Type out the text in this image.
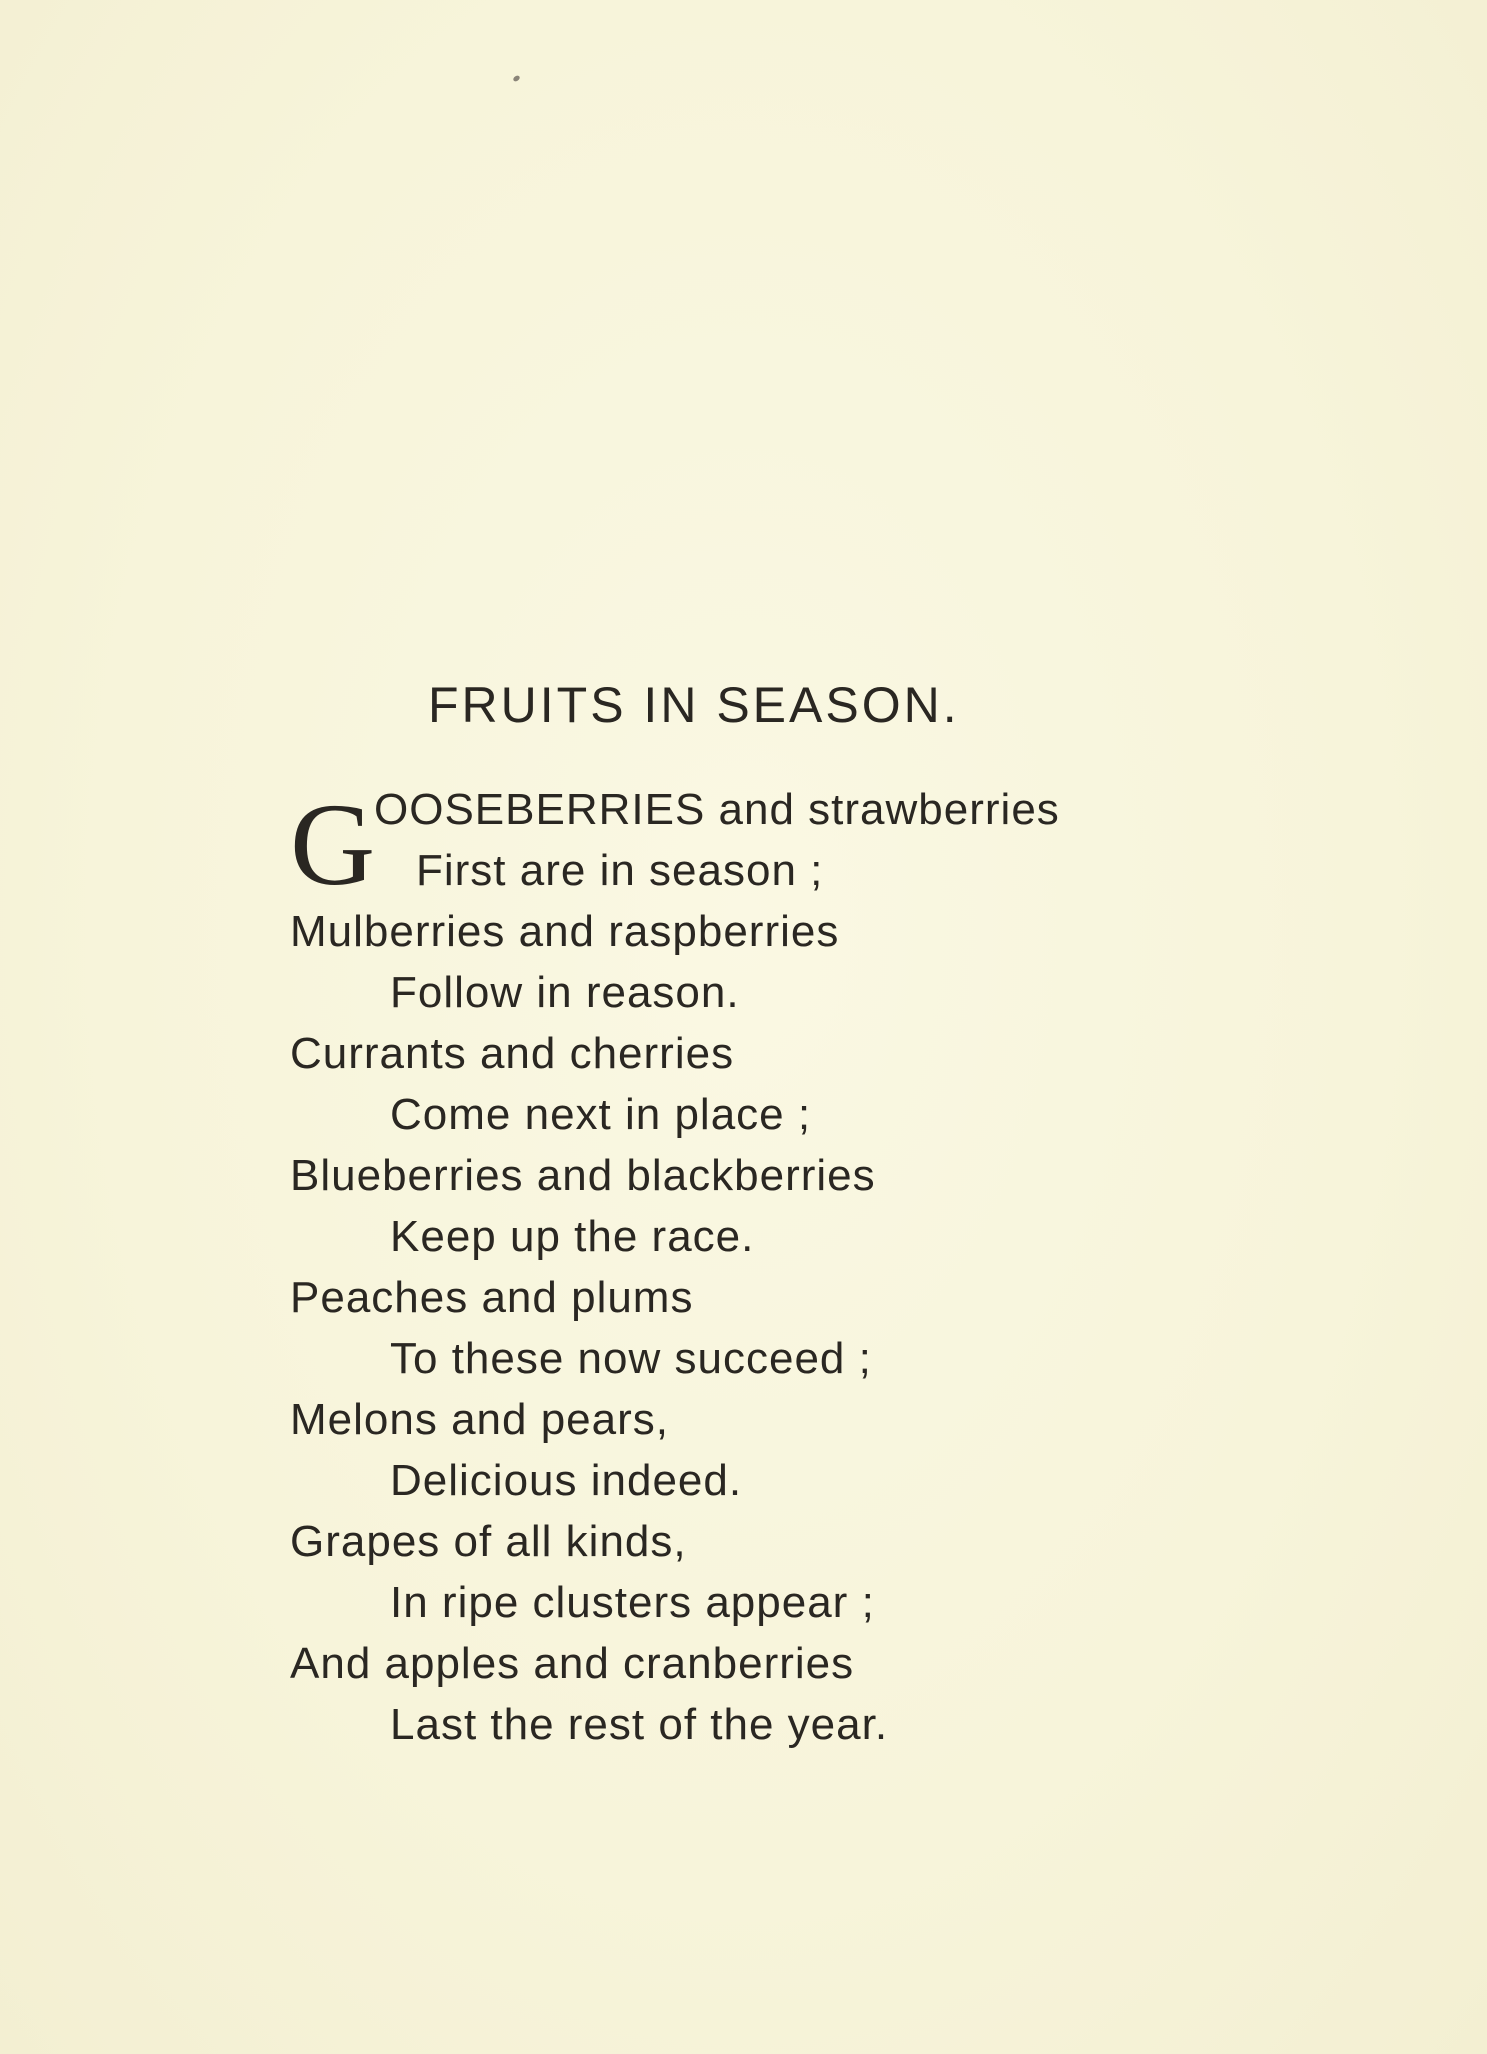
FRUITS IN SEASON.
G
OOSEBERRIES and strawberries
First are in season ;
Mulberries and raspberries
Follow in reason.
Currants and cherries
Come next in place ;
Blueberries and blackberries
Keep up the race.
Peaches and plums
To these now succeed ;
Melons and pears,
Delicious indeed.
Grapes of all kinds,
In ripe clusters appear ;
And apples and cranberries
Last the rest of the year.
